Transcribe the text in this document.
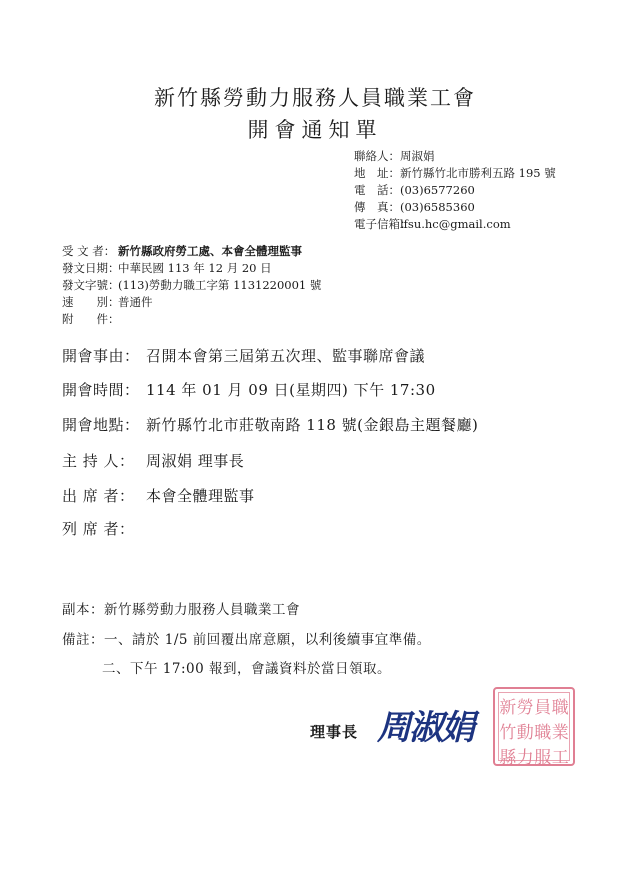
新竹縣勞動力服務人員職業工會
開會通知單
聯絡人：周淑娟
地　址：新竹縣竹北市勝利五路 195 號
電　話：(03)6577260
傳　真：(03)6585360
電子信箱：lfsu.hc@gmail.com
受 文 者： 新竹縣政府勞工處、本會全體理監事
發文日期：中華民國 113 年 12 月 20 日
發文字號：(113)勞動力職工字第 1131220001 號
速　　別：普通件
附　　件：
開會事由： 召開本會第三屆第五次理、監事聯席會議
開會時間： 114 年 01 月 09 日(星期四) 下午 17:30
開會地點： 新竹縣竹北市莊敬南路 118 號(金銀島主題餐廳)
主 持 人： 周淑娟 理事長
出 席 者： 本會全體理監事
列 席 者：
副本：新竹縣勞動力服務人員職業工會
備註：一、請於 1/5 前回覆出席意願，以利後續事宜準備。
二、下午 17:00 報到，會議資料於當日領取。
理事長 周淑娟 新 勞 員 職
竹 動 職 業
縣 力 服 工
